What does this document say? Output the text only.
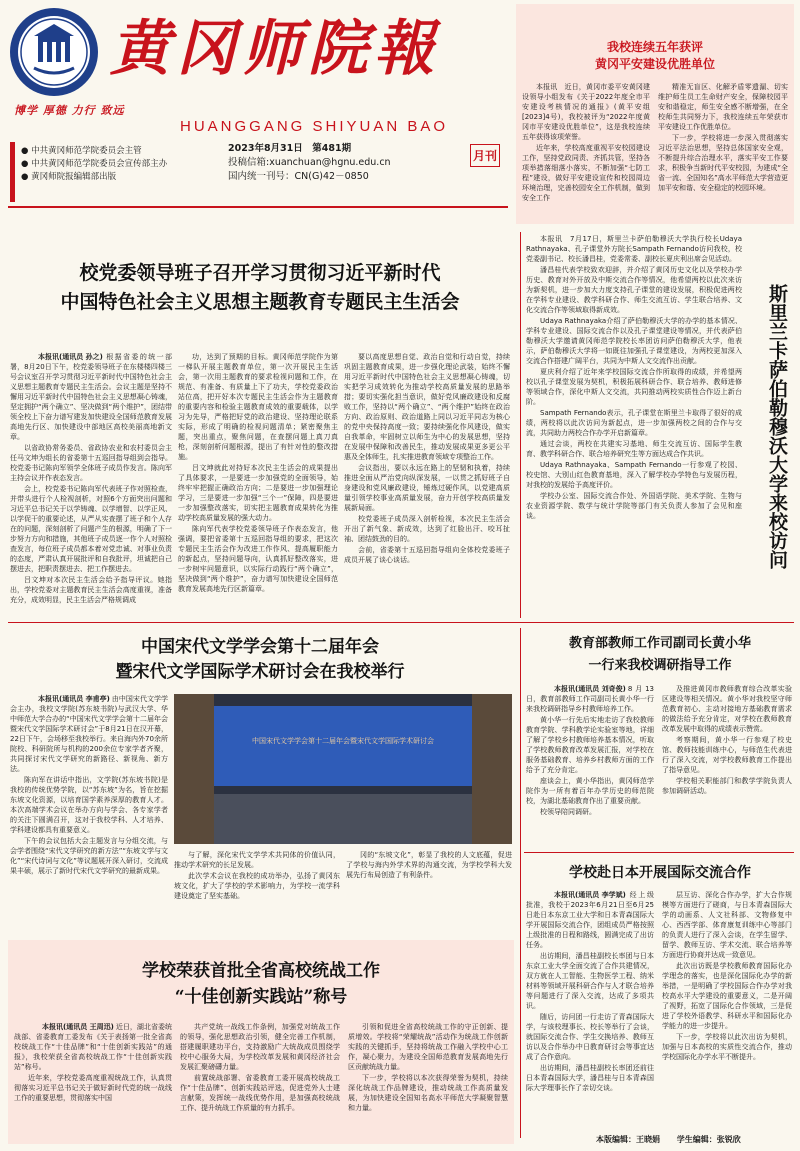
黄冈师院報
HUANGGANG SHIYUAN BAO
博学 厚德 力行 致远
● 中共黄冈师范学院委员会主管
● 中共黄冈师范学院委员会宣传部主办
● 黄冈师院报编辑部出版
2023年8月31日　第481期
投稿信箱:xuanchuan@hgnu.edu.cn
国内统一刊号：CN(G)42－0850
月刊
我校连续五年获评
黄冈平安建设优胜单位

本报讯　近日，黄冈市委平安黄冈建设领导小组发布《关于2022年度全市平安建设考核情况的通报》(黄平安组[2023]4号)，我校被评为“2022年度黄冈市平安建设优胜单位”，这是我校连续五年获得该项荣誉。

近年来，学校高度重视平安校园建设工作，坚持党政同责、齐抓共管，坚持各项举措落细落小落实，不断加强“七防工程”建设，做好平安建设宣传和校园周边环境治理，完善校园安全工作机制，做到安全工作

精准无盲区、化解矛盾零遗漏、切实维护师生员工生命财产安全，保障校园平安和谐稳定，师生安全感不断增强，在全校师生共同努力下，我校连续五年荣获市平安建设工作优胜单位。

下一步，学校将进一步深入贯彻落实习近平法治思想，坚持总体国家安全观，不断提升综合治理水平，落实平安工作要求，积极争当新时代平安校园，为建成“全省一流、全国知名”高水平师范大学营造更加平安和谐、安全稳定的校园环境。

校党委领导班子召开学习贯彻习近平新时代
中国特色社会主义思想主题教育专题民主生活会

本报讯(通讯员 孙之) 根据省委的统一部署，8月20日下午，校党委领导班子在东楼楼四楼三号会议室召开学习贯彻习近平新时代中国特色社会主义思想主题教育专题民主生活会。会议主题是坚持不懈用习近平新时代中国特色社会主义思想凝心铸魂，坚定拥护“两个确立”、坚决做到“两个维护”，团结带领全校上下奋力谱写建发加快建设全国师范教育发展高地先行区、加快建设中部地区高校美丽高地新文章。

以省政协常务委员、省政协农业和农村委员会主任马文坤为组长的省委第十五巡回指导组到会指导。校党委书记陈向军领学全体班子成员作发言。陈向军主持会议并作表态发言。

会上，校党委书记陈向军代表班子作对照检查，并带头进行个人检视剖析，对照6个方面突出问题和习近平总书记关于以学铸魂、以学增智、以学正风、以学促干的重要论述，从严从实查摆了班子和个人存在的问题，深刻剖析了问题产生的根源，明确了下一步努力方向和措施，其他班子成员逐一作个人对照检查发言，每位班子成员都本着对党忠诚、对事业负责的态度，严肃认真开展批评和自我批评，坦诚把自己摆进去，把职责摆进去、把工作摆进去。

吕文坤对本次民主生活会给予指导评议。她指出，学校党委对主题教育民主生活会高度重视，准备充分，成效明显，民主生活会严格规调成

功，达到了预期的目标。黄冈师范学院作为第一梯队开展主题教育单位，第一次开展民主生活会，第一次用主题教育的要求检视问题和工作，在规范、有准备、有质量上下了功夫，学校党委政治站位高，把开好本次专题民主生活会作为主题教育的重要内容和检验主题教育成效的重要载体，以学习为先导，严格把好党的政治建设、坚持理论联系实际，形成了明确的检视问题清单；紧密聚焦主题，突出重点，聚焦问题，在查摆问题上真刀真枪，深刻剖析问题根源，提出了有针对性的整改措施。

吕文坤就此对持好本次民主生活会的成果提出了具体要求，一是要进一步加强党的全面领导，始终牢牢把握正确政治方向；二是要进一步加强理论学习，三是要进一步加强“三个一”保障，四是要进一步加强整改落实，切实把主题教育成果转化为推动学校高质量发展的强大动力。

陈向军代表学校党委领导班子作表态发言，他强调，要把省委第十五巡回指导组的要求，把这次专题民主生活会作为改进工作作风、提高履职能力的新起点，坚持问题导向，认真抓好整改落实，进一步树牢问题意识，以实际行动践行“两个确立”，坚决做到“两个维护”，奋力谱写加快建设全国师范教育发展高地先行区新篇章。

要以高度思想自觉、政治自觉和行动自觉，持续巩固主题教育成果，进一步强化理论武装，始终不懈用习近平新时代中国特色社会主义思想凝心铸魂，切实把学习成效转化为推动学校高质量发展的思路举措；要切实强化担当意识，做好党风廉政建设和反腐败工作，坚持以“两个确立”、“两个维护”始终在政治方向、政治原则、政治道路上同以习近平同志为核心的党中央保持高度一致；要持续强化作风建设，做实自我革命，牢固树立以师生为中心的发展思想，坚持在发展中保障和改善民生，推动发展成果更多更公平惠及全体师生，扎实推进教育领域专项整治工作。

会议指出，要以永远在路上的坚韧和执着，持续推进全面从严治党向纵深发展，一以贯之抓好班子自身建设和党风廉政建设，锤炼过硬作风，以党建高质量引领学校事业高质量发展，奋力开创学校高质量发展新局面。

校党委班子成员深入剖析检视，本次民主生活会开出了新气象、新成效，达到了红脸出汗、咬耳扯袖、团结鼓劲的目的。

会前，省委第十五巡回指导组向全体校党委班子成员开展了谈心谈话。

本报讯　7月17日，斯里兰卡萨伯勒穆沃大学执行校长Udaya Rathnayaka、孔子课堂外方院长Sampath Fernando访问我校，校党委副书记、校长潘昌桂，党委常委、副校长夏庆利出席会见活动。

潘昌桂代表学校致欢迎辞，并介绍了黄冈历史文化以及学校办学历史、教育对外开放及中斯交流合作等情况，他希望两校以此次来访为新契机，进一步加大力度支持孔子课堂的建设发展，积极促进两校在学科专业建设、教学科研合作、师生交流互访、学生联合培养、文化交流合作等领域取得新成效。

Udaya Rathnayaka介绍了萨伯勒穆沃大学的办学的基本情况、学科专业建设、国际交流合作以及孔子课堂建设等情况，并代表萨伯勒穆沃大学邀请黄冈师范学院校长率团访问萨伯勒穆沃大学，他表示，萨伯勒穆沃大学将一如既往加强孔子课堂建设，为两校更加深入交流合作搭建广阔平台，共同为中斯人文交流作出贡献。

夏庆利介绍了近年来学校国际交流合作所取得的成绩，并希望两校以孔子课堂发展为契机，积极拓展科研合作、联合培养、教师进修等领域合作，深化中斯人文交流，共同推动两校实质性合作迈上新台阶。

Sampath Fernando表示，孔子课堂在斯里兰卡取得了很好的成绩，两校将以此次访问为新起点，进一步加强两校之间的合作与交流，共同助力两校合作办学开启新篇章。

通过会谈，两校在共建实习基地、师生交流互访、国际学生教育、教学科研合作、联合培养研究生等方面达成合作共识。

Udaya Rathnayaka、Sampath Fernando一行参观了校园、校史馆、大别山红色教育基地，深入了解学校办学特色与发展历程，对我校的发展给予高度评价。

学校办公室、国际交流合作处、外国语学院、美术学院、生物与农业资源学院、数学与统计学院等部门有关负责人参加了会见和座谈。	斯里兰卡萨伯勒穆沃大学来校访问
中国宋代文学学会第十二届年会
暨宋代文学国际学术研讨会在我校举行

本报讯(通讯员 李甫亭) 由中国宋代文学学会主办，我校文学院(苏东坡书院)与武汉大学、华中师范大学合办的“中国宋代文学学会第十二届年会暨宋代文学国际学术研讨会”于8月21日在汉开幕，22日下午，会场移至我校举行。来自海内外70余所院校、科研院所与机构的200余位专家学者齐聚，共同探讨宋代文学研究的新路径、新视角、新方法。

陈向军在讲话中指出，文学院(苏东坡书院)是我校的传统优势学院，以“苏东坡”为名，旨在挖掘东坡文化资源，以培育国学素养深厚的教育人才。本次高端学术会议在举办方向与学会、各专家学者的关注下圆满召开，这对于我校学科、人才培养、学科建设都具有重要意义。

下午的会议包括大会主题发言与分组交流，与会学者围绕“宋代文学研究的新方法”“东坡文学与文化”“宋代诗词与文化”等议题展开深入研讨，交流成果丰硕，展示了新时代宋代文学研究的最新成果。

中国宋代文学学会第十二届年会暨宋代文学国际学术研讨会

与了解，深化宋代文学学术共同体的价值认同，推动学术研究的长足发展。

此次学术会议在我校的成功举办，弘扬了黄冈东坡文化，扩大了学校的学术影响力，为学校一流学科建设奠定了坚实基础。

冈的“东坡文化”，彰显了我校的人文底蕴，促进了学校与海内外学术界的沟通交流，为学校学科大发展先行布局创造了有利条件。

教育部教师工作司副司长黄小华
一行来我校调研指导工作

本报讯(通讯员 刘奇俊) 8月13日，教育部教师工作司副司长黄小华一行来我校调研指导乡村教师培养工作。

黄小华一行先后实地走访了我校教师教育学院、学科教学论实验室等地，详细了解了学校乡村教师培养基本情况，听取了学校教师教育改革发展汇报，对学校在服务基础教育、培养乡村教师方面的工作给予了充分肯定。

座谈会上，黄小华指出，黄冈师范学院作为一所有着百年办学历史的师范院校，为湖北基础教育作出了重要贡献。

校领导陪同调研。

及推进黄冈市教师教育综合改革实验区建设等相关情况。黄小华对我校坚守师范教育初心、主动对接地方基础教育需求的做法给予充分肯定，对学校在教师教育改革发展中取得的成绩表示赞赏。

考察期间，黄小华一行参观了校史馆、教师技能训练中心，与师范生代表进行了深入交流，对学校教师教育工作提出了指导意见。

学校相关职能部门和教学学院负责人参加调研活动。

学校赴日本开展国际交流合作

本报讯(通讯员 李学斌) 经上级批准，我校于2023年6月21日至6月25日赴日本东京工业大学和日本青森国际大学开展国际交流合作，团组成员严格按照上级批准的日程和路线，圆满完成了出访任务。

出访期间，潘昌桂副校长率团与日本东京工业大学全面交流了合作共建情况，双方就在人工智能、生物医学工程、纳米材料等领域开展科研合作与人才联合培养等问题进行了深入交流，达成了多项共识。

随后，访问团一行走访了青森国际大学，与该校理事长、校长等举行了会谈，就国际交流合作、学生交换培养、教师互访以及合作举办中日教育研讨会等事宜达成了合作意向。

出访期间，潘昌桂副校长率团还前往日本青森国际大学，潘昌桂与日本青森国际大学理事长作了亲切交谈。

层互访、深化合作办学，扩大合作规模等方面进行了磋商，与日本青森国际大学的动画系、人文社科部、文物修复中心、西西学部、体育康复训练中心等部门的负责人进行了深入会谈，在学生留学、留学、教师互访、学术交流、联合培养等方面进行协商并达成一致意见。

此次出访既是学校教师教育国际化办学理念的落实，也是深化国际化办学的新举措，一是明确了学校国际合作办学对我校高水平大学建设的重要意义，二是开阔了视野，拓宽了国际化合作领域，三是促进了学校外语教学、科研水平和国际化办学能力的进一步提升。

下一步，学校将以此次出访为契机，加强与日本高校的实质性交流合作，推动学校国际化办学水平不断提升。

学校荣获首批全省高校统战工作
“十佳创新实践站”称号

本报讯(通讯员 王周迅) 近日，湖北省委统战部、省委教育工委发布《关于表扬第一批全省高校统战工作“十佳品牌”和“十佳创新实践站”的通报》，我校荣获全省高校统战工作“十佳创新实践站”称号。

近年来，学校党委高度重视统战工作，认真贯彻落实习近平总书记关于做好新时代党的统一战线工作的重要思想，贯彻落实中国

共产党统一战线工作条例，加强党对统战工作的领导，强化思想政治引领，健全完善工作机制，搭建履职建功平台，支持激励广大统战成员围绕学校中心服务大局，为学校改革发展和黄冈经济社会发展汇聚磅礴力量。

前置统战部署、省委教育工委开展高校统战工作“十佳品牌”、创新实践站评选，促进党外人士建言献策，发挥统一战线优势作用，是加强高校统战工作、提升统战工作质量的有力抓手。

引领和促进全省高校统战工作的守正创新、提质增效。学校将“荣耀统战”活动作为统战工作创新实践的关键抓手，坚持将统战工作融入学校中心工作，凝心聚力，为建设全国师范教育发展高地先行区贡献统战力量。

下一步，学校将以本次获得荣誉为契机，持续深化统战工作品牌建设，推动统战工作高质量发展，为加快建设全国知名高水平师范大学凝聚智慧和力量。

本版编辑：王晓娟 学生编辑：张锐欣
